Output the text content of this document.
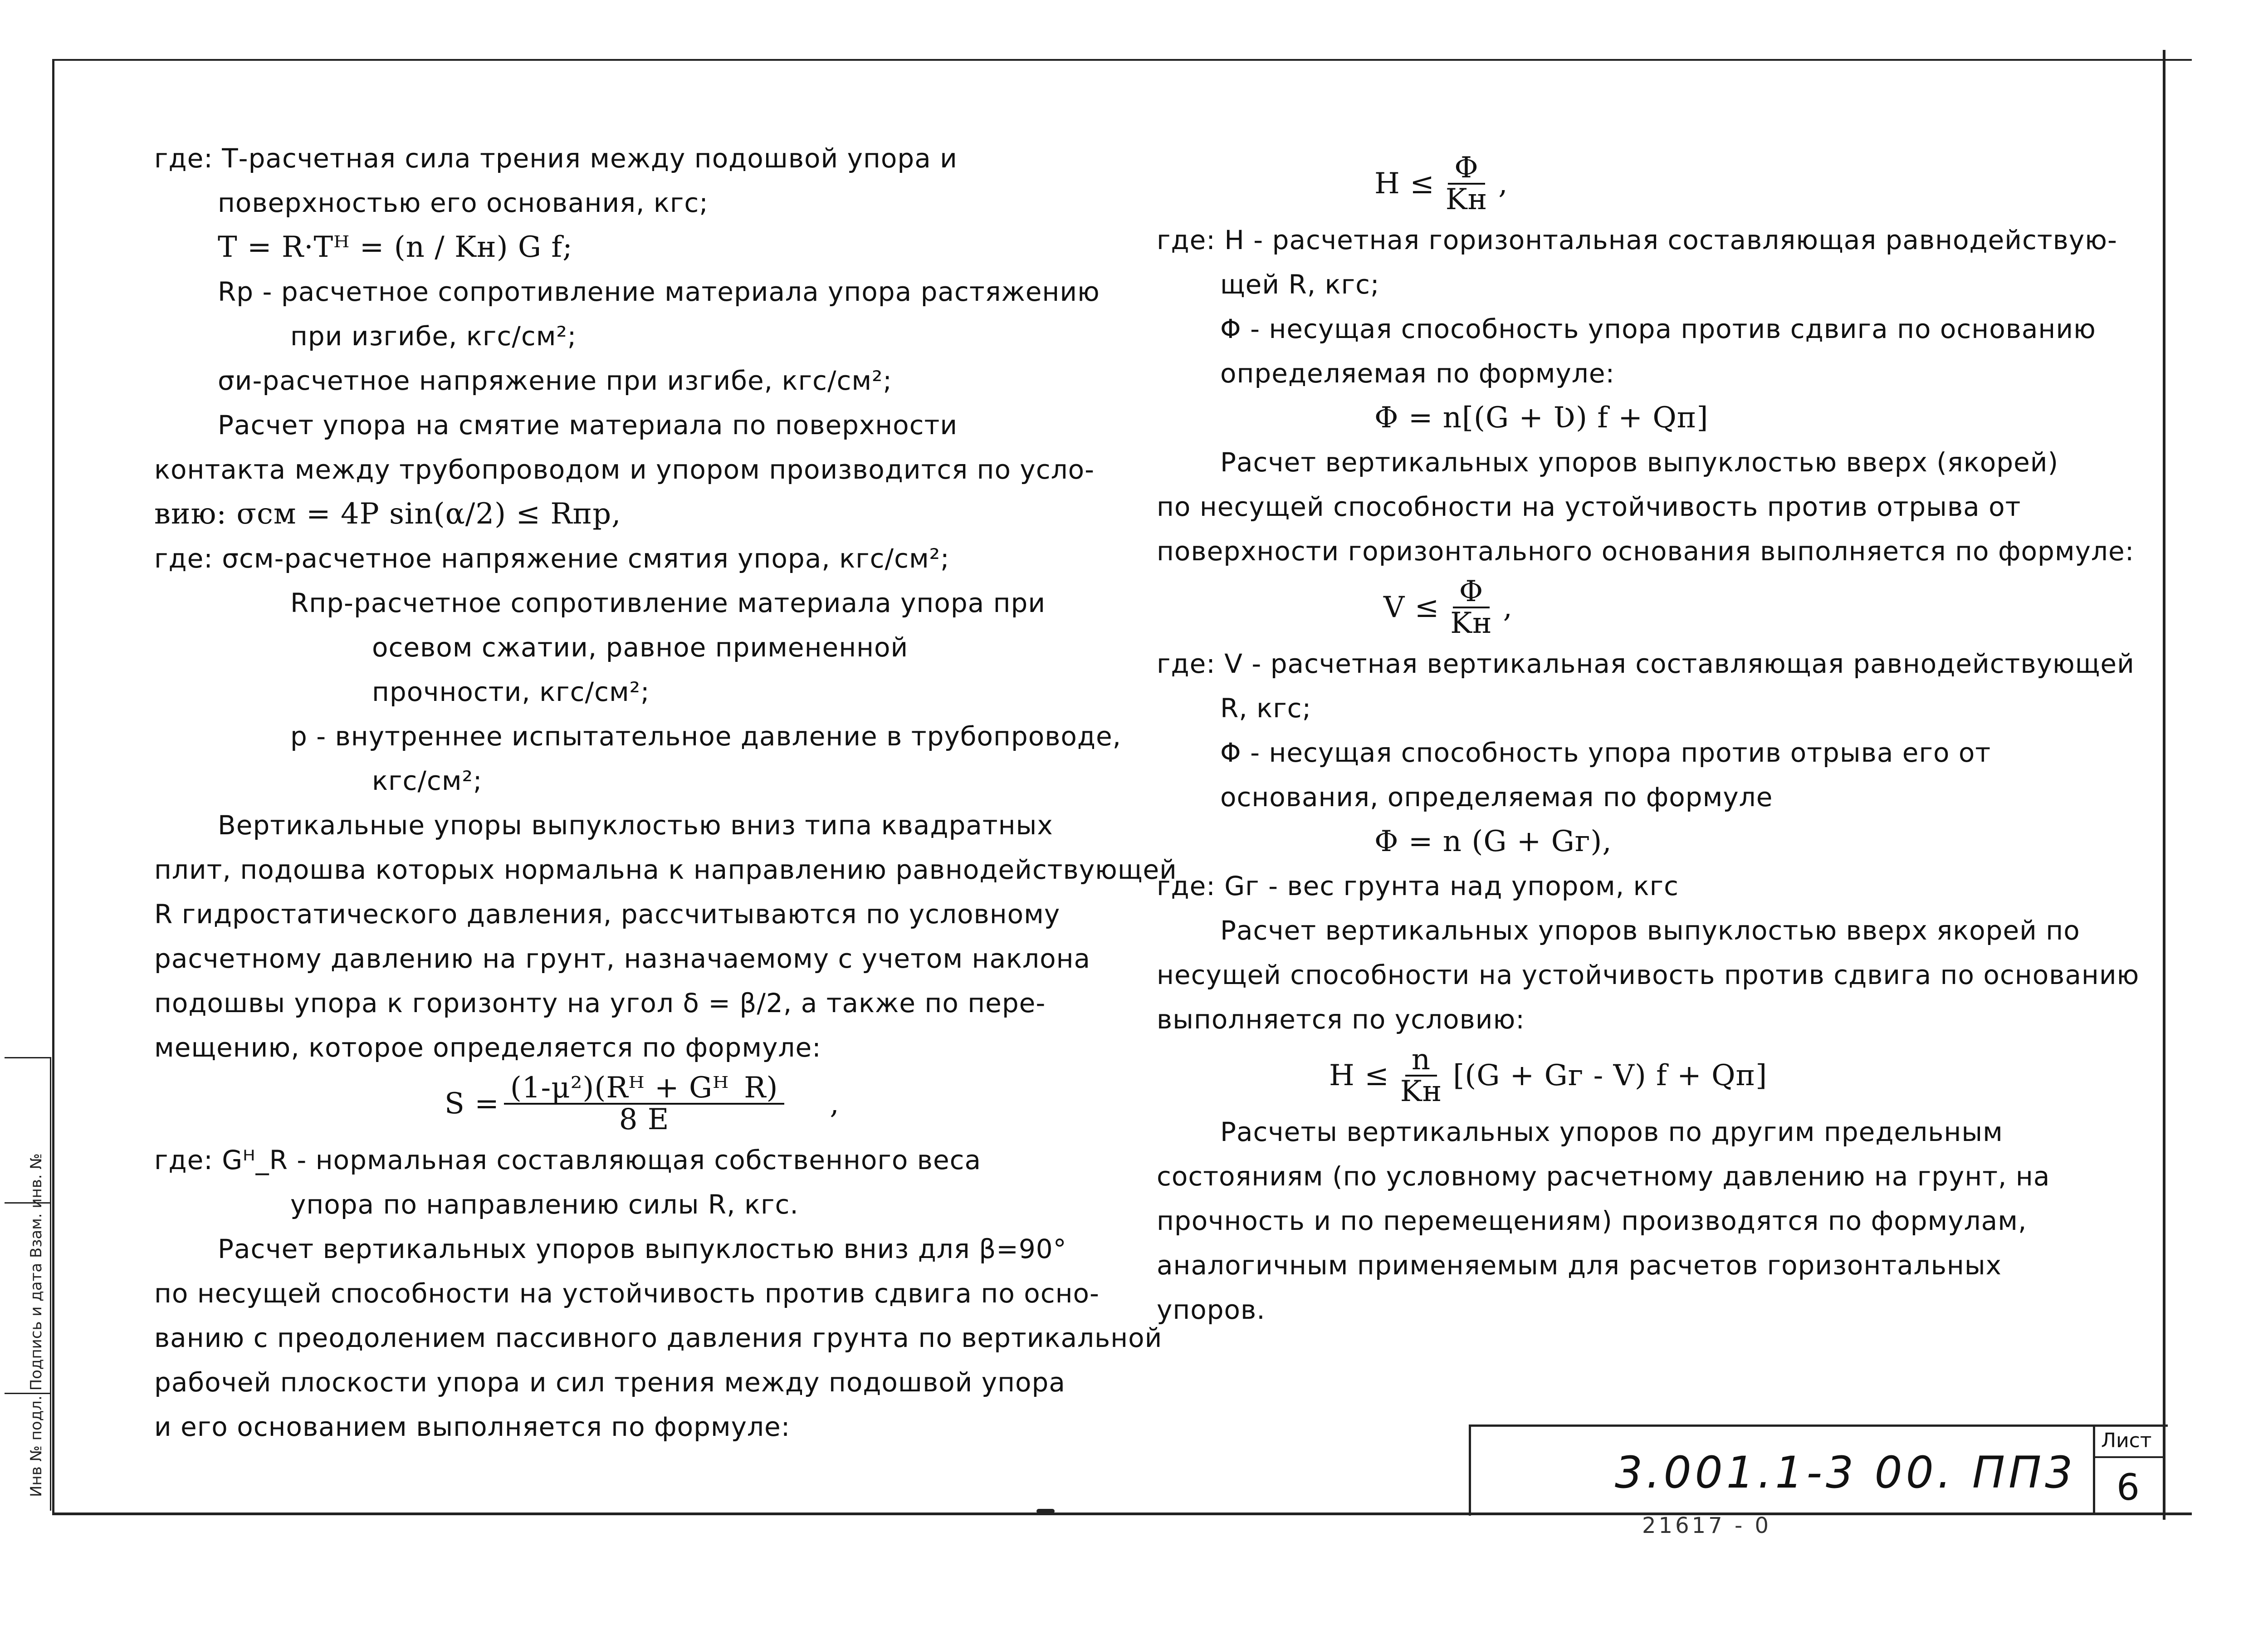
Инв № подл. Подпись и дата Взам. инв. №
где: Т-расчетная сила трения между подошвой упора и
поверхностью его основания, кгс;
Т = R·Тᴴ = (n / Kн) G f;
Rр - расчетное сопротивление материала упора растяжению
при изгибе, кгс/см²;
σи-расчетное напряжение при изгибе, кгс/см²;
Расчет упора на смятие материала по поверхности
контакта между трубопроводом и упором производится по усло-
вию: σсм = 4P sin(α/2) ≤ Rпр,
где: σсм-расчетное напряжение смятия упора, кгс/см²;
Rпр-расчетное сопротивление материала упора при
осевом сжатии, равное примененной
прочности, кгс/см²;
р - внутреннее испытательное давление в трубопроводе,
кгс/см²;
Вертикальные упоры выпуклостью вниз типа квадратных
плит, подошва которых нормальна к направлению равнодействующей
R гидростатического давления, рассчитываются по условному
расчетному давлению на грунт, назначаемому с учетом наклона
подошвы упора к горизонту на угол δ = β/2, а также по пере-
мещению, которое определяется по формуле:
$S = \frac{\text{(1-μ²)(Rᴴ + Gᴴ\_R)}}{8 E}$ ,
где: Gᴴ_R - нормальная составляющая собственного веса
упора по направлению силы R, кгс.
Расчет вертикальных упоров выпуклостью вниз для β=90°
по несущей способности на устойчивость против сдвига по осно-
ванию с преодолением пассивного давления грунта по вертикальной
рабочей плоскости упора и сил трения между подошвой упора
и его основанием выполняется по формуле:
$H \le \frac{\Phi}{Kн}$ ,
где: H - расчетная горизонтальная составляющая равнодействую-
щей R, кгс;
Φ - несущая способность упора против сдвига по основанию
определяемая по формуле:
Φ = n[(G + Ʋ) f + Qп]
Расчет вертикальных упоров выпуклостью вверх (якорей)
по несущей способности на устойчивость против отрыва от
поверхности горизонтального основания выполняется по формуле:
$V \le \frac{\Phi}{Kн}$ ,
где: V - расчетная вертикальная составляющая равнодействующей
R, кгс;
Φ - несущая способность упора против отрыва его от
основания, определяемая по формуле
Φ = n (G + Gг),
где: Gг - вес грунта над упором, кгс
Расчет вертикальных упоров выпуклостью вверх якорей по
несущей способности на устойчивость против сдвига по основанию
выполняется по условию:
$H \le \frac{n}{Kн} [(G$ + Gг - V) f + Qп]
Расчеты вертикальных упоров по другим предельным
состояниям (по условному расчетному давлению на грунт, на
прочность и по перемещениям) производятся по формулам,
аналогичным применяемым для расчетов горизонтальных
упоров.
3.001.1-3 00. ПП3
Лист
6
21617 - 0
